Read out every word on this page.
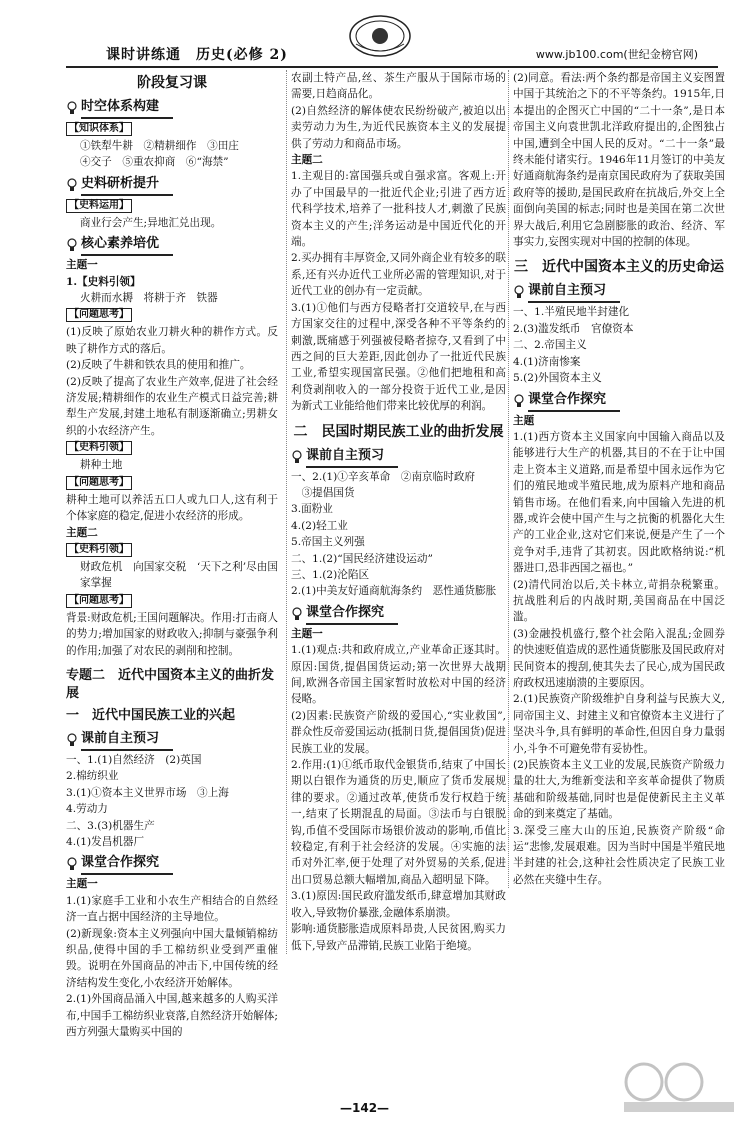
课时讲练通　历史(必修 2)	www.jb100.com(世纪金榜官网)
阶段复习课
时空体系构建
【知识体系】
①铁犁牛耕　②精耕细作　③田庄
④交子　⑤重农抑商　⑥“海禁”
史料研析提升
【史料运用】
商业行会产生;异地汇兑出现。
核心素养培优
主题一
1.【史料引领】
火耕而水耨　将耕于齐　铁器
【问题思考】
(1)反映了原始农业刀耕火种的耕作方式。反映了耕作方式的落后。
(2)反映了牛耕和铁农具的使用和推广。
(2)反映了提高了农业生产效率,促进了社会经济发展;精耕细作的农业生产模式日益完善;耕犁生产发展,封建土地私有制逐渐确立;男耕女织的小农经济产生。
【史料引领】
耕种土地
【问题思考】
耕种土地可以养活五口人或九口人,这有利于个体家庭的稳定,促进小农经济的形成。
主题二
【史料引领】
财政危机　向国家交税　‘天下之利’尽由国家掌握
【问题思考】
背景:财政危机;王国问题解决。作用:打击商人的势力;增加国家的财政收入;抑制与豪强争利的作用;加强了对农民的剥削和控制。
专题二　近代中国资本主义的曲折发展
一　近代中国民族工业的兴起
课前自主预习
一、1.(1)自然经济　(2)英国
2.棉纺织业
3.(1)①资本主义世界市场　③上海
4.劳动力
二、3.(3)机器生产
4.(1)发昌机器厂
课堂合作探究
主题一
1.(1)家庭手工业和小农生产相结合的自然经济一直占据中国经济的主导地位。
(2)新现象:资本主义列强向中国大量倾销棉纺织品,使得中国的手工棉纺织业受到严重催毁。说明在外国商品的冲击下,中国传统的经济结构发生变化,小农经济开始解体。
2.(1)外国商品涌入中国,越来越多的人购买洋布,中国手工棉纺织业衰落,自然经济开始解体;西方列强大量购买中国的
农副土特产品,丝、茶生产服从于国际市场的需要,日趋商品化。
(2)自然经济的解体使农民纷纷破产,被迫以出卖劳动力为生,为近代民族资本主义的发展提供了劳动力和商品市场。
主题二
1.主观目的:富国强兵或自强求富。客观上:开办了中国最早的一批近代企业;引进了西方近代科学技术,培养了一批科技人才,刺激了民族资本主义的产生;洋务运动是中国近代化的开端。
2.买办拥有丰厚资金,又同外商企业有较多的联系,还有兴办近代工业所必需的管理知识,对于近代工业的创办有一定贡献。
3.(1)①他们与西方侵略者打交道较早,在与西方国家交往的过程中,深受各种不平等条约的刺激,既痛感于列强被侵略者掠夺,又看到了中西之间的巨大差距,因此创办了一批近代民族工业,希望实现国富民强。②他们把地租和高利贷剥削收入的一部分投资于近代工业,是因为新式工业能给他们带来比较优厚的利润。
二　民国时期民族工业的曲折发展
课前自主预习
一、2.(1)①辛亥革命　②南京临时政府
　③提倡国货
3.面粉业
4.(2)轻工业
5.帝国主义列强
二、1.(2)“国民经济建设运动”
三、1.(2)沦陷区
2.(1)中美友好通商航海条约　恶性通货膨胀
课堂合作探究
主题一
1.(1)观点:共和政府成立,产业革命正逐其时。原因:国货,提倡国货运动;第一次世界大战期间,欧洲各帝国主国家暂时放松对中国的经济侵略。
(2)因素:民族资产阶级的爱国心,“实业救国”,群众性反帝爱国运动(抵制日货,提倡国货)促进民族工业的发展。
2.作用:(1)①纸币取代金银货币,结束了中国长期以白银作为通货的历史,顺应了货币发展规律的要求。②通过改革,使货币发行权趋于统一,结束了长期混乱的局面。③法币与白银脱钩,币值不受国际市场银价波动的影响,币值比较稳定,有利于社会经济的发展。④实施的法币对外汇率,便于处理了对外贸易的关系,促进出口贸易总额大幅增加,商品入超明显下降。
3.(1)原因:国民政府滥发纸币,肆意增加其财政收入,导致物价暴涨,金融体系崩溃。
影响:通货膨胀造成原料昂贵,人民贫困,购买力低下,导致产品滞销,民族工业陷于绝境。
(2)同意。看法:两个条约都是帝国主义妄图置中国于其统治之下的不平等条约。1915年,日本提出的企图灭亡中国的“二十一条”,是日本帝国主义向袁世凯北洋政府提出的,企图独占中国,遭到全中国人民的反对。“二十一条”最终未能付诸实行。1946年11月签订的中美友好通商航海条约是南京国民政府为了获取美国政府等的援助,是国民政府在抗战后,外交上全面倒向美国的标志;同时也是美国在第二次世界大战后,利用它急剧膨胀的政治、经济、军事实力,妄图实现对中国的控制的体现。
三　近代中国资本主义的历史命运
课前自主预习
一、1.半殖民地半封建化
2.(3)滥发纸币　官僚资本
二、2.帝国主义
4.(1)济南惨案
5.(2)外国资本主义
课堂合作探究
主题
1.(1)西方资本主义国家向中国输入商品以及能够进行大生产的机器,其目的不在于让中国走上资本主义道路,而是希望中国永远作为它们的殖民地或半殖民地,成为原料产地和商品销售市场。在他们看来,向中国输入先进的机器,或许会使中国产生与之抗衡的机器化大生产的工业企业,这对它们来说,便是产生了一个竞争对手,违背了其初衷。因此欧格纳说:“机器进口,恐非西国之福也。”
(2)清代同治以后,关卡林立,苛捐杂税繁重。抗战胜利后的内战时期,美国商品在中国泛滥。
(3)金融投机盛行,整个社会陷入混乱;金圆券的快速贬值造成的恶性通货膨胀及国民政府对民间资本的搜刮,使其失去了民心,成为国民政府政权迅速崩溃的主要原因。
2.(1)民族资产阶级维护自身利益与民族大义,同帝国主义、封建主义和官僚资本主义进行了坚决斗争,具有鲜明的革命性,但因自身力量弱小,斗争不可避免带有妥协性。
(2)民族资本主义工业的发展,民族资产阶级力量的壮大,为维新变法和辛亥革命提供了物质基础和阶级基础,同时也是促使新民主主义革命的到来奠定了基础。
3.深受三座大山的压迫,民族资产阶级“命运”悲惨,发展艰难。因为当时中国是半殖民地半封建的社会,这种社会性质决定了民族工业必然在夹缝中生存。
—142—
